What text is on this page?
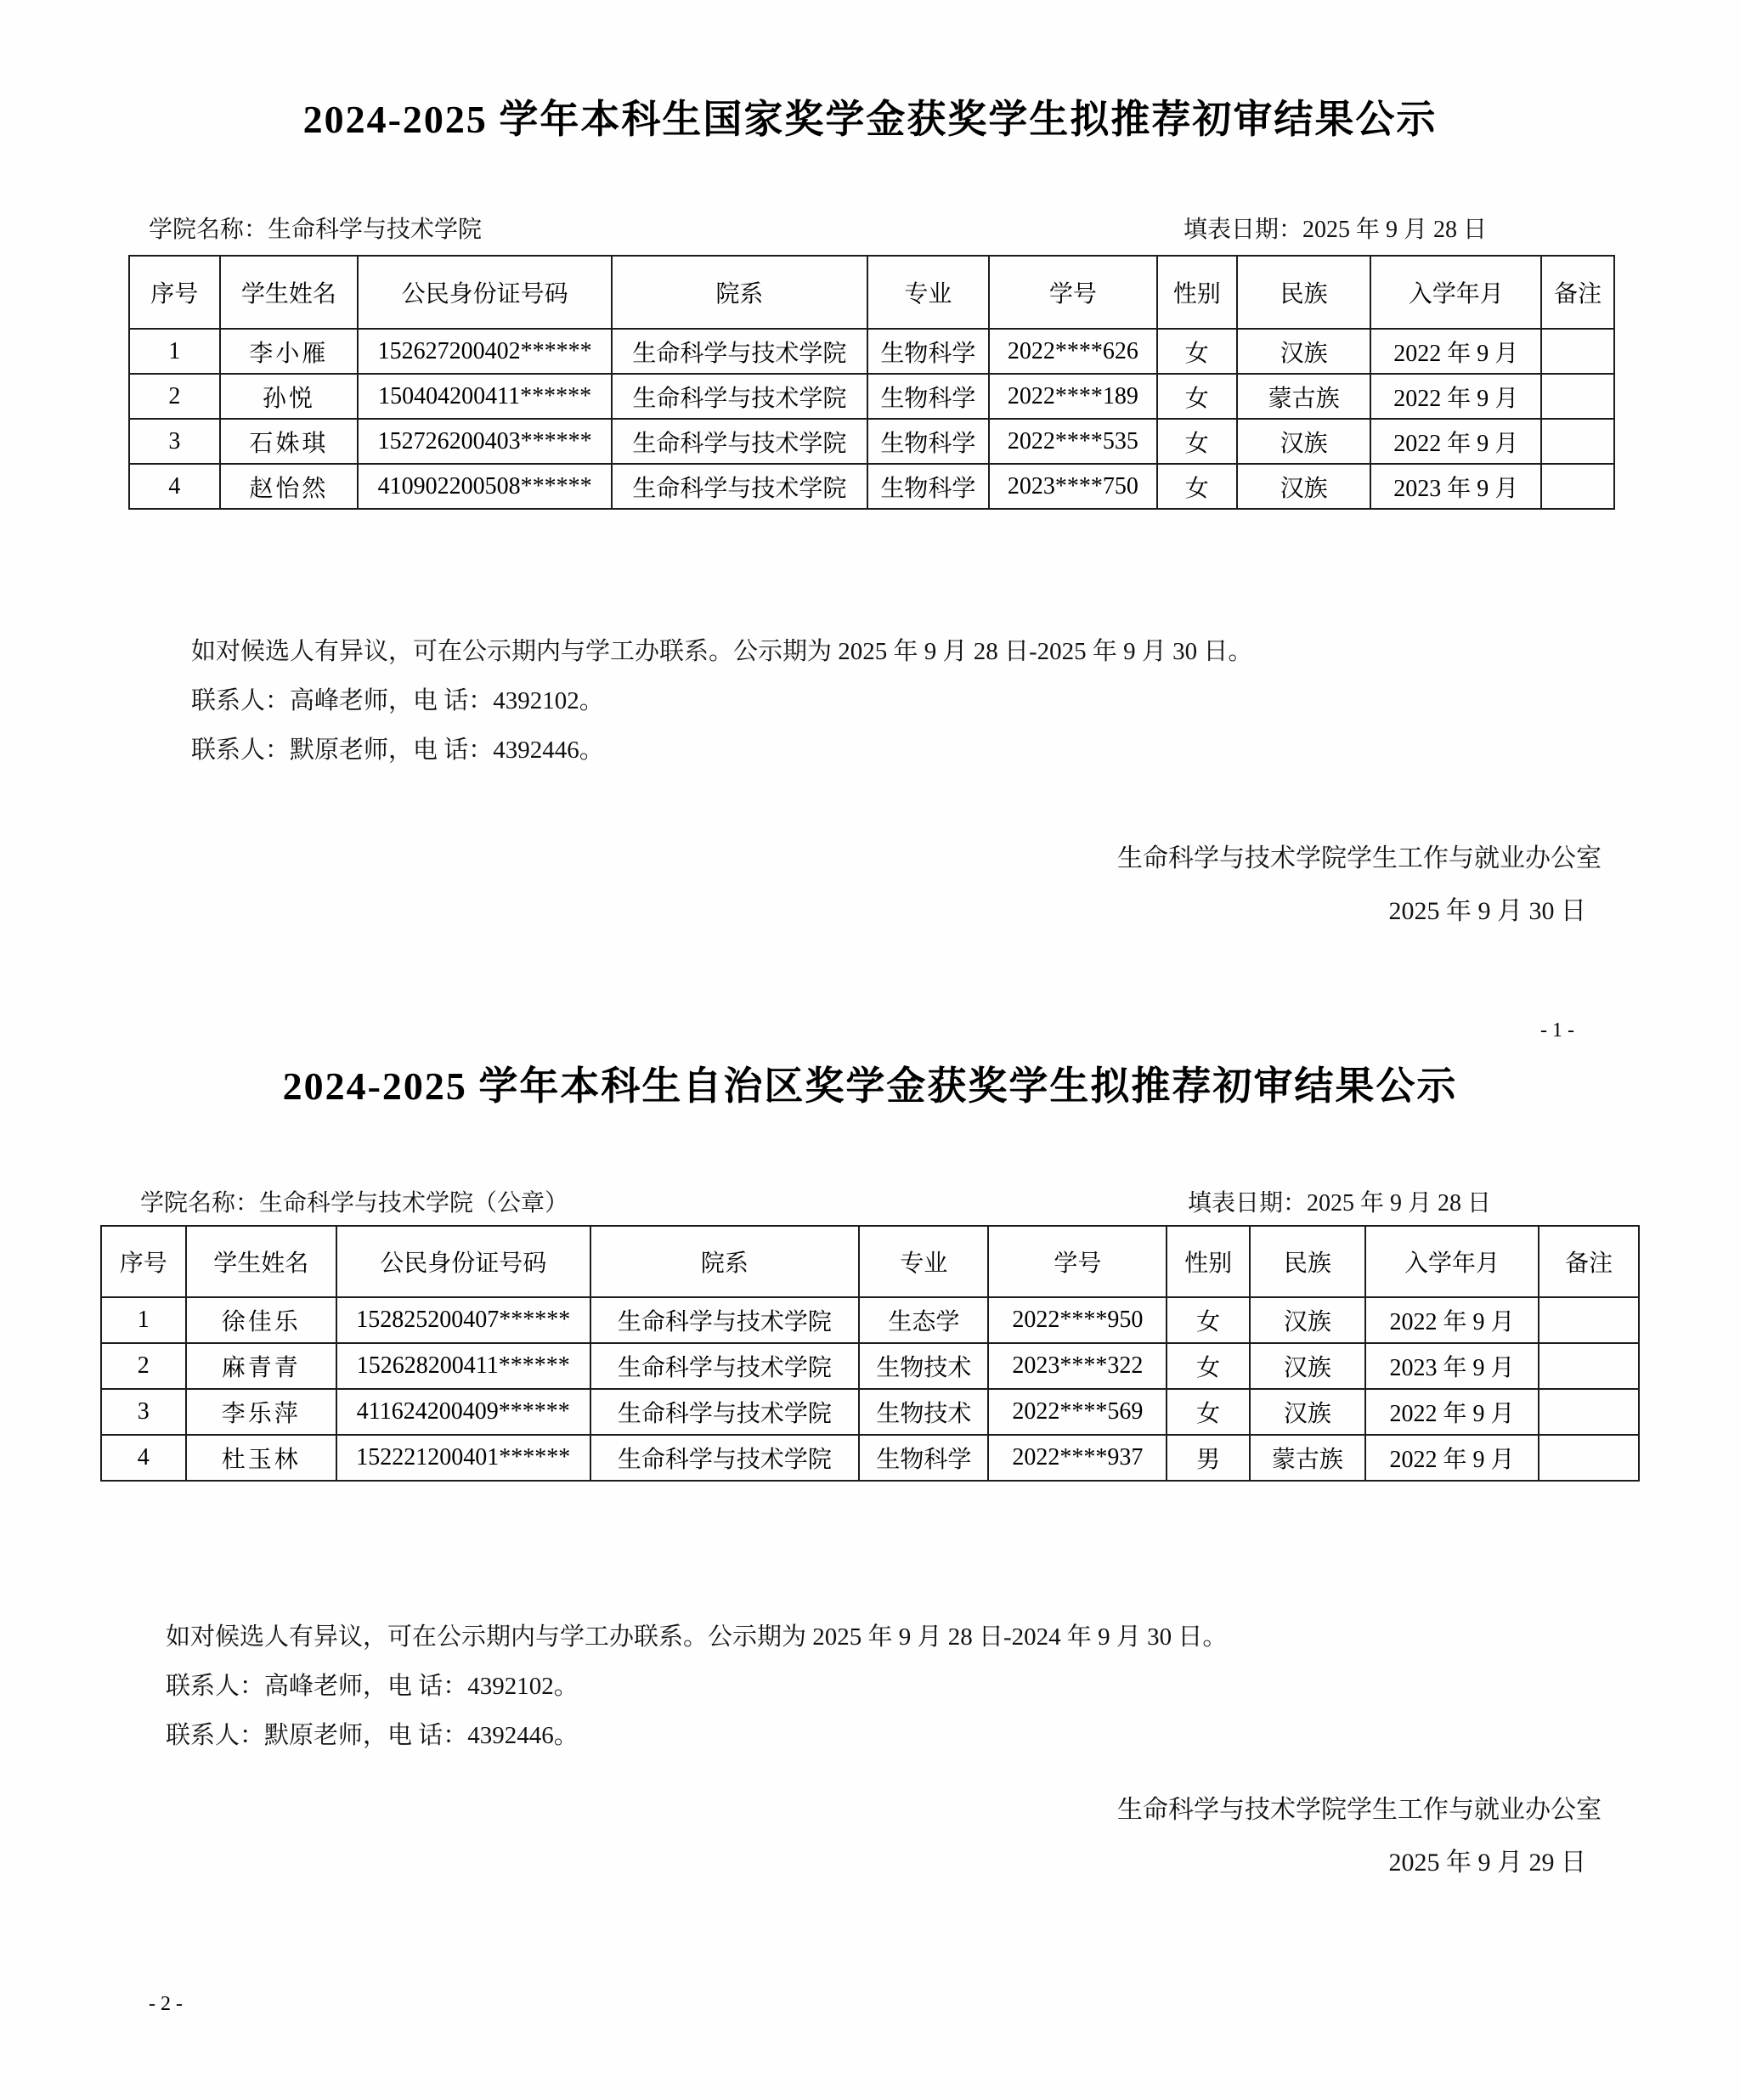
2024-2025 学年本科生国家奖学金获奖学生拟推荐初审结果公示
学院名称：生命科学与技术学院	填表日期：2025 年 9 月 28 日
序号	学生姓名	公民身份证号码	院系	专业	学号	性别	民族	入学年月	备注
1	李小雁	152627200402******	生命科学与技术学院	生物科学	2022****626	女	汉族	2022 年 9 月	
2	孙悦	150404200411******	生命科学与技术学院	生物科学	2022****189	女	蒙古族	2022 年 9 月	
3	石姝琪	152726200403******	生命科学与技术学院	生物科学	2022****535	女	汉族	2022 年 9 月	
4	赵怡然	410902200508******	生命科学与技术学院	生物科学	2023****750	女	汉族	2023 年 9 月	

如对候选人有异议，可在公示期内与学工办联系。公示期为 2025 年 9 月 28 日-2025 年 9 月 30 日。

联系人：高峰老师，电 话：4392102。

联系人：默原老师，电 话：4392446。

生命科学与技术学院学生工作与就业办公室

2025 年 9 月 30 日

- 1 -
2024-2025 学年本科生自治区奖学金获奖学生拟推荐初审结果公示
学院名称：生命科学与技术学院（公章）	填表日期：2025 年 9 月 28 日
序号	学生姓名	公民身份证号码	院系	专业	学号	性别	民族	入学年月	备注
1	徐佳乐	152825200407******	生命科学与技术学院	生态学	2022****950	女	汉族	2022 年 9 月	
2	麻青青	152628200411******	生命科学与技术学院	生物技术	2023****322	女	汉族	2023 年 9 月	
3	李乐萍	411624200409******	生命科学与技术学院	生物技术	2022****569	女	汉族	2022 年 9 月	
4	杜玉林	152221200401******	生命科学与技术学院	生物科学	2022****937	男	蒙古族	2022 年 9 月	

如对候选人有异议，可在公示期内与学工办联系。公示期为 2025 年 9 月 28 日-2024 年 9 月 30 日。

联系人：高峰老师，电 话：4392102。

联系人：默原老师，电 话：4392446。

生命科学与技术学院学生工作与就业办公室

2025 年 9 月 29 日

- 2 -
